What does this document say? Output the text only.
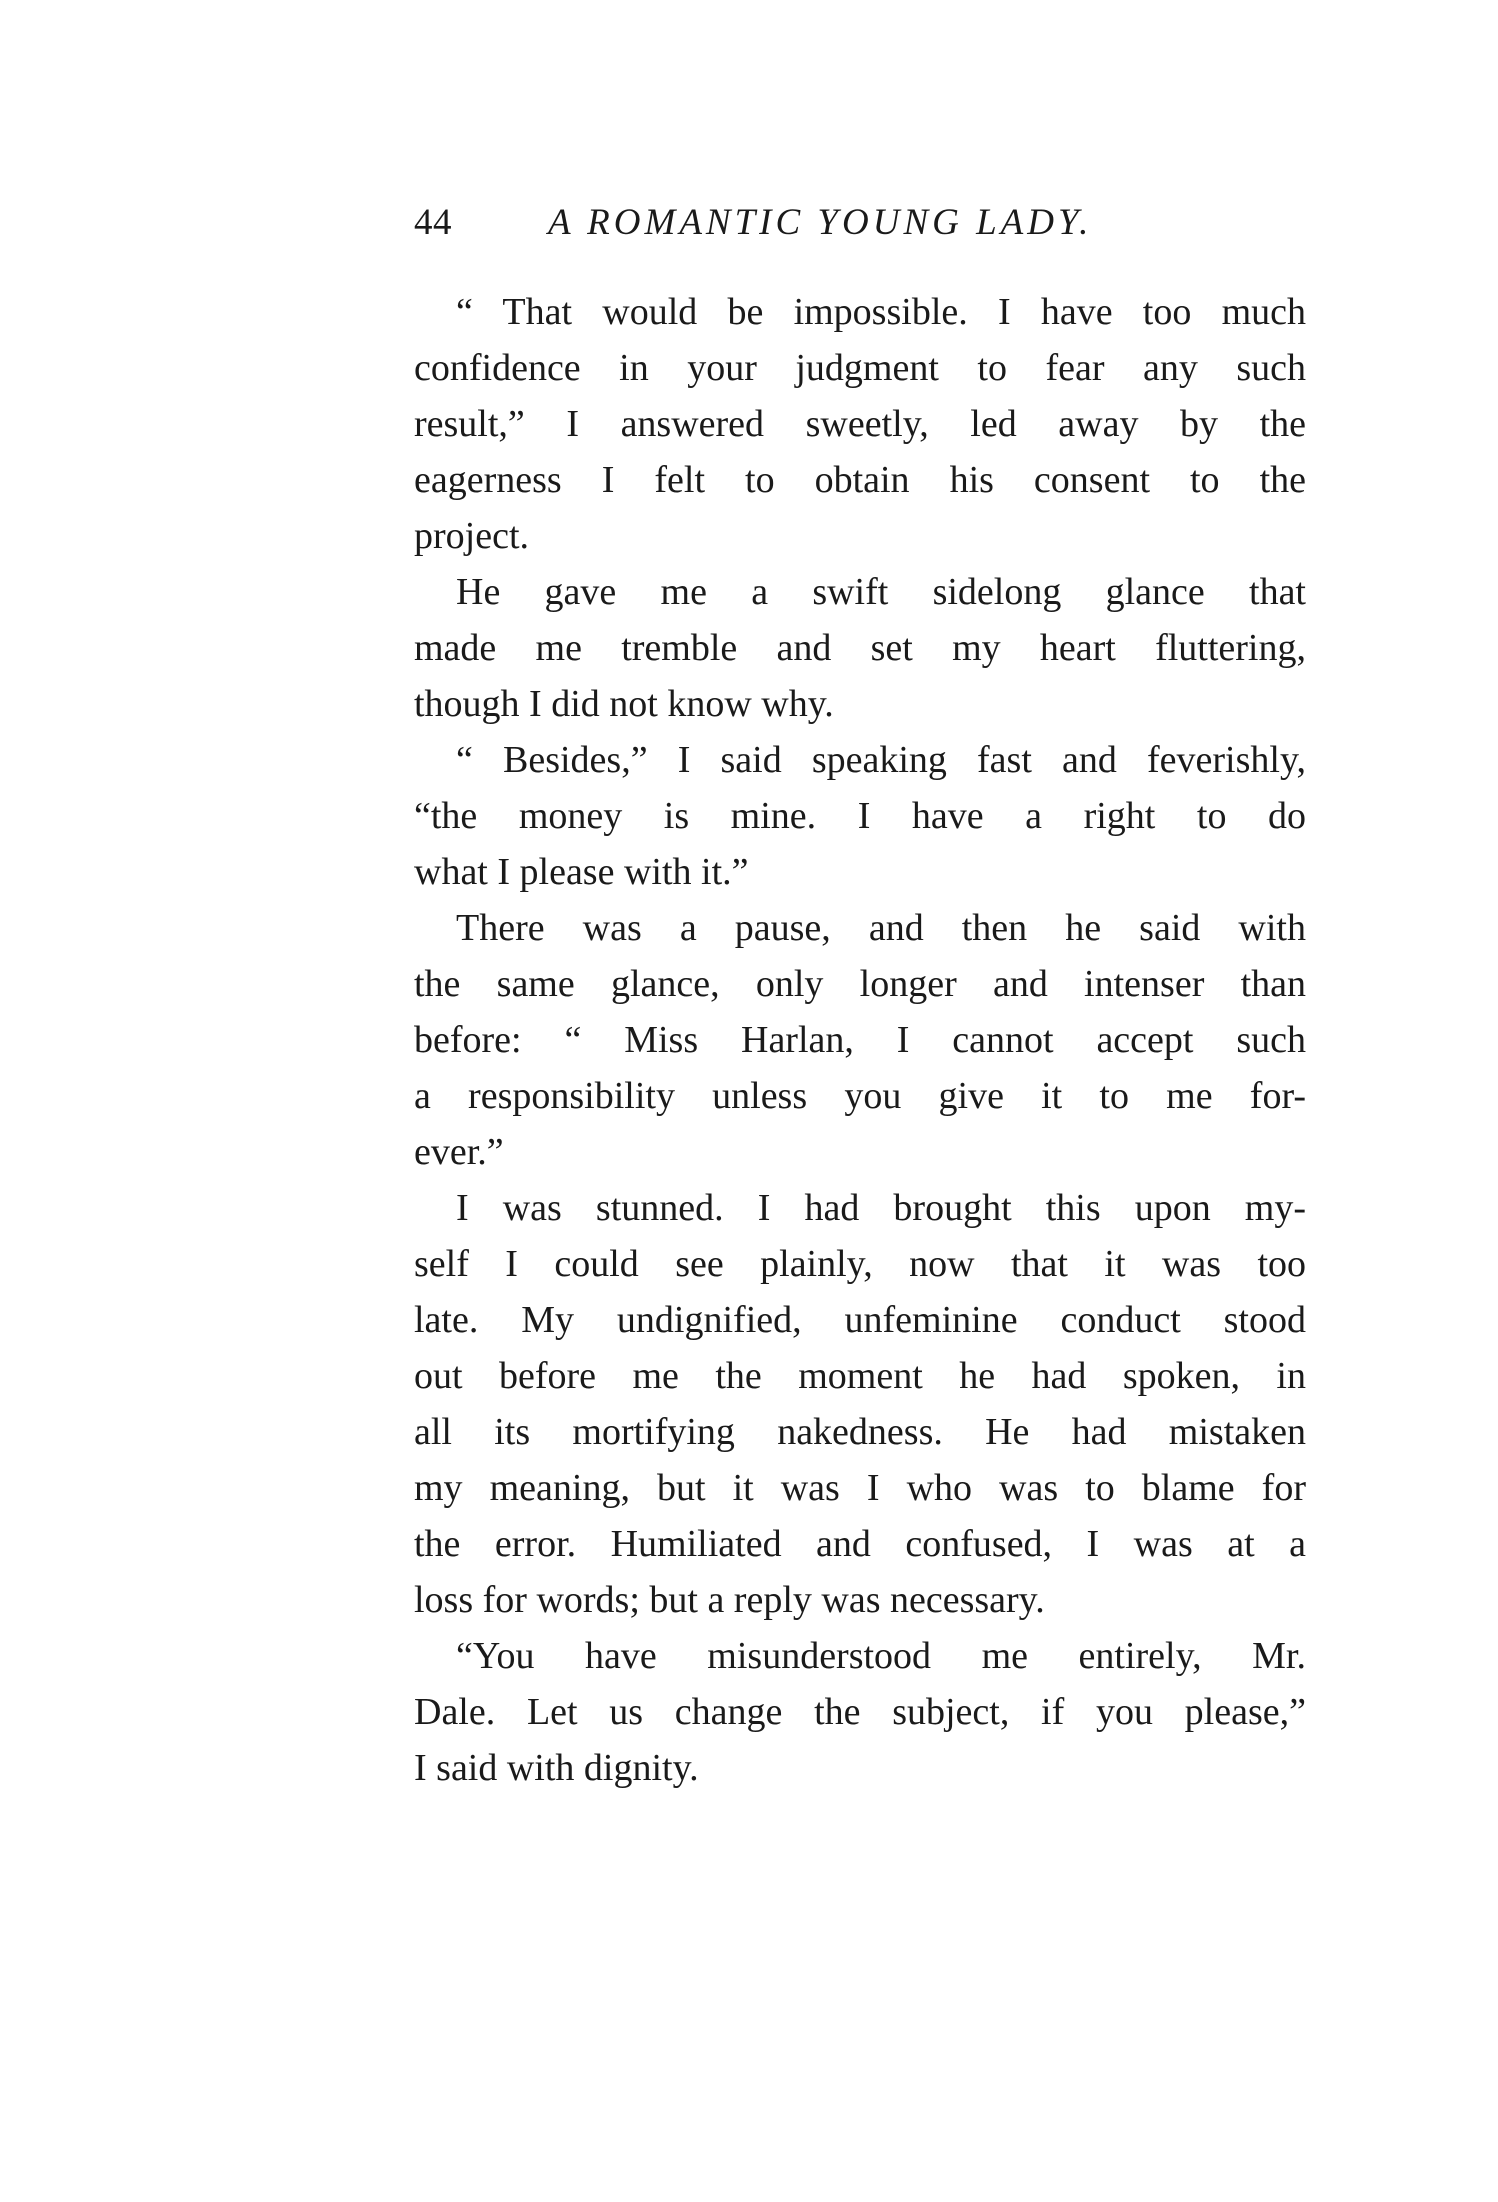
44	A ROMANTIC YOUNG LADY.
“ That would be impossible. I have too much
confidence in your judgment to fear any such
result,” I answered sweetly, led away by the
eagerness I felt to obtain his consent to the
project.
He gave me a swift sidelong glance that
made me tremble and set my heart fluttering,
though I did not know why.
“ Besides,” I said speaking fast and feverishly,
“the money is mine. I have a right to do
what I please with it.”
There was a pause, and then he said with
the same glance, only longer and intenser than
before: “ Miss Harlan, I cannot accept such
a responsibility unless you give it to me for-
ever.”
I was stunned. I had brought this upon my-
self I could see plainly, now that it was too
late. My undignified, unfeminine conduct stood
out before me the moment he had spoken, in
all its mortifying nakedness. He had mistaken
my meaning, but it was I who was to blame for
the error. Humiliated and confused, I was at a
loss for words; but a reply was necessary.
“You have misunderstood me entirely, Mr.
Dale. Let us change the subject, if you please,”
I said with dignity.
